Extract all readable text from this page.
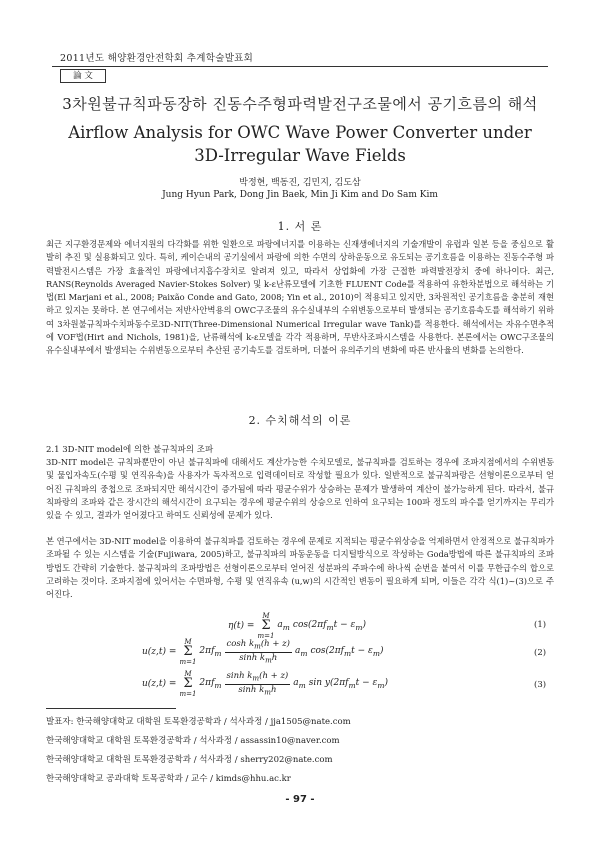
2011년도 해양환경안전학회 추계학술발표회
論 文
3차원불규칙파동장하 진동수주형파력발전구조물에서 공기흐름의 해석
Airflow Analysis for OWC Wave Power Converter under
3D-Irregular Wave Fields
박정현, 백동진, 김민지, 김도삼
Jung Hyun Park, Dong Jin Baek, Min Ji Kim and Do Sam Kim
1. 서 론

최근 지구환경문제와 에너지원의 다각화를 위한 일환으로 파랑에너지를 이용하는 신재생에너지의 기술개발이 유럽과 일본 등을 중심으로 활발히 추진 및 실용화되고 있다. 특히, 케이슨내의 공기실에서 파랑에 의한 수면의 상하운동으로 유도되는 공기흐름을 이용하는 진동수주형 파력발전시스템은 가장 효율적인 파랑에너지흡수장치로 알려져 있고, 따라서 상업화에 가장 근접한 파력발전장치 중에 하나이다. 최근, RANS(Reynolds Averaged Navier-Stokes Solver) 및 k-ε난류모델에 기초한 FLUENT Code를 적용하여 유한차분법으로 해석하는 기법(El Marjani et al., 2008; Paixão Conde and Gato, 2008; Yin et al., 2010)이 적용되고 있지만, 3차원적인 공기흐름을 충분히 재현하고 있지는 못하다. 본 연구에서는 저반사안벽용의 OWC구조물의 유수실내부의 수위변동으로부터 발생되는 공기흐름속도를 해석하기 위하여 3차원불규칙파수치파동수로3D-NIT(Three-Dimensional Numerical Irregular wave Tank)를 적용한다. 해석에서는 자유수면추적에 VOF법(Hirt and Nichols, 1981)을, 난류해석에 k-ε모델을 각각 적용하며, 무반사조파시스템을 사용한다. 본론에서는 OWC구조물의 유수실내부에서 발생되는 수위변동으로부터 추산된 공기속도를 검토하며, 더불어 유의주기의 변화에 따른 반사율의 변화를 논의한다.

2. 수치해석의 이론
2.1 3D-NIT model에 의한 불규칙파의 조파

3D-NIT model은 규칙파뿐만이 아닌 불규칙파에 대해서도 계산가능한 수치모델로, 불규칙파를 검토하는 경우에 조파지점에서의 수위변동 및 물입자속도(수평 및 연직유속)을 사용자가 독자적으로 입력데이터로 작성할 필요가 있다. 일반적으로 불규칙파랑은 선형이론으로부터 얻어진 규칙파의 중첩으로 조파되지만 해석시간이 증가됨에 따라 평균수위가 상승하는 문제가 발생하여 계산이 불가능하게 된다. 따라서, 불규칙파랑의 조파와 같은 장시간의 해석시간이 요구되는 경우에 평균수위의 상승으로 인하여 요구되는 100파 정도의 파수를 얻기까지는 무리가 있을 수 있고, 결과가 얻어졌다고 하여도 신뢰성에 문제가 있다.

본 연구에서는 3D-NIT model을 이용하여 불규칙파를 검토하는 경우에 문제로 지적되는 평균수위상승을 억제하면서 안정적으로 불규칙파가 조파될 수 있는 시스템을 기술(Fujiwara, 2005)하고, 불규칙파의 파동운동을 디지털방식으로 작성하는 Goda방법에 따른 불규칙파의 조파방법도 간략히 기술한다. 불규칙파의 조파방법은 선형이론으로부터 얻어진 성분파의 주파수에 하나씩 순번을 붙여서 이를 무한급수의 합으로 고려하는 것이다. 조파지점에 있어서는 수면파형, 수평 및 연직유속 (u,w)의 시간적인 변동이 필요하게 되며, 이들은 각각 식(1)~(3)으로 주어진다.

η(t) =
M
Σ
m=1
$a_m$ $\cos(2\pi f_mt - \varepsilon_m)$	(1)
u(z,t) =
M
Σ
m=1
$2\pi f_m \frac{\cosh k_m(h + z)}{\sinh k_mh} a_m$ $\cos(2\pi f_mt - \varepsilon_m)$	(2)
u(z,t) =
M
Σ
m=1
$2\pi f_m \frac{\sinh k_m(h + z)}{\sinh k_mh} a_m$ $\sin y(2\pi f_mt - \varepsilon_m)$	(3)
발표자: 한국해양대학교 대학원 토목환경공학과 / 석사과정 / jja1505@nate.com
한국해양대학교 대학원 토목환경공학과 / 석사과정 / assassin10@naver.com
한국해양대학교 대학원 토목환경공학과 / 석사과정 / sherry202@nate.com
한국해양대학교 공과대학 토목공학과 / 교수 / kimds@hhu.ac.kr
- 97 -
